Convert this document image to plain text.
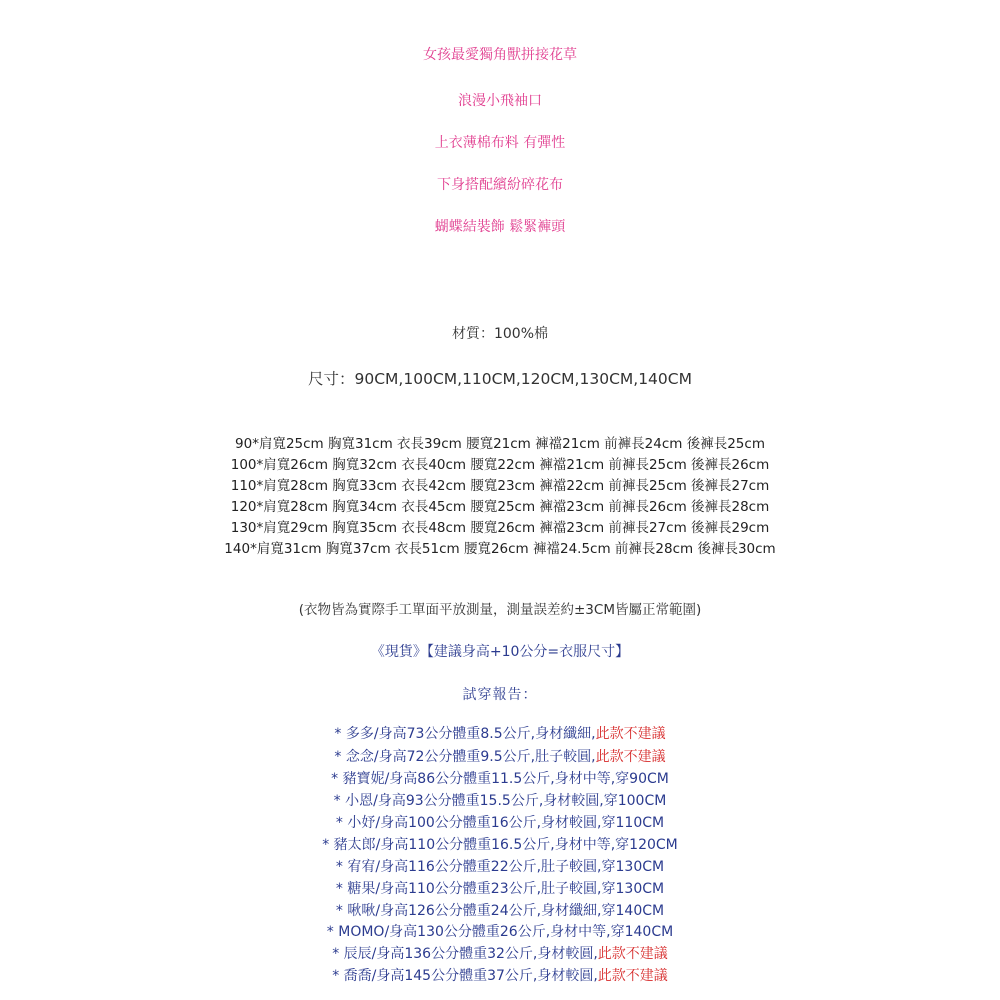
女孩最愛獨角獸拼接花草
浪漫小飛袖口
上衣薄棉布料 有彈性
下身搭配繽紛碎花布
蝴蝶結裝飾 鬆緊褲頭
材質：100%棉
尺寸：90CM,100CM,110CM,120CM,130CM,140CM
90*肩寬25cm 胸寬31cm 衣長39cm 腰寬21cm 褲襠21cm 前褲長24cm 後褲長25cm
100*肩寬26cm 胸寬32cm 衣長40cm 腰寬22cm 褲襠21cm 前褲長25cm 後褲長26cm
110*肩寬28cm 胸寬33cm 衣長42cm 腰寬23cm 褲襠22cm 前褲長25cm 後褲長27cm
120*肩寬28cm 胸寬34cm 衣長45cm 腰寬25cm 褲襠23cm 前褲長26cm 後褲長28cm
130*肩寬29cm 胸寬35cm 衣長48cm 腰寬26cm 褲襠23cm 前褲長27cm 後褲長29cm
140*肩寬31cm 胸寬37cm 衣長51cm 腰寬26cm 褲襠24.5cm 前褲長28cm 後褲長30cm
(衣物皆為實際手工單面平放測量，測量誤差約±3CM皆屬正常範圍)
《現貨》【建議身高+10公分=衣服尺寸】
試穿報告：
* 多多/身高73公分體重8.5公斤,身材纖細,此款不建議
* 念念/身高72公分體重9.5公斤,肚子較圓,此款不建議
* 豬寶妮/身高86公分體重11.5公斤,身材中等,穿90CM
* 小恩/身高93公分體重15.5公斤,身材較圓,穿100CM
* 小妤/身高100公分體重16公斤,身材較圓,穿110CM
* 豬太郎/身高110公分體重16.5公斤,身材中等,穿120CM
* 宥宥/身高116公分體重22公斤,肚子較圓,穿130CM
* 糖果/身高110公分體重23公斤,肚子較圓,穿130CM
* 啾啾/身高126公分體重24公斤,身材纖細,穿140CM
* MOMO/身高130公分體重26公斤,身材中等,穿140CM
* 辰辰/身高136公分體重32公斤,身材較圓,此款不建議
* 喬喬/身高145公分體重37公斤,身材較圓,此款不建議
